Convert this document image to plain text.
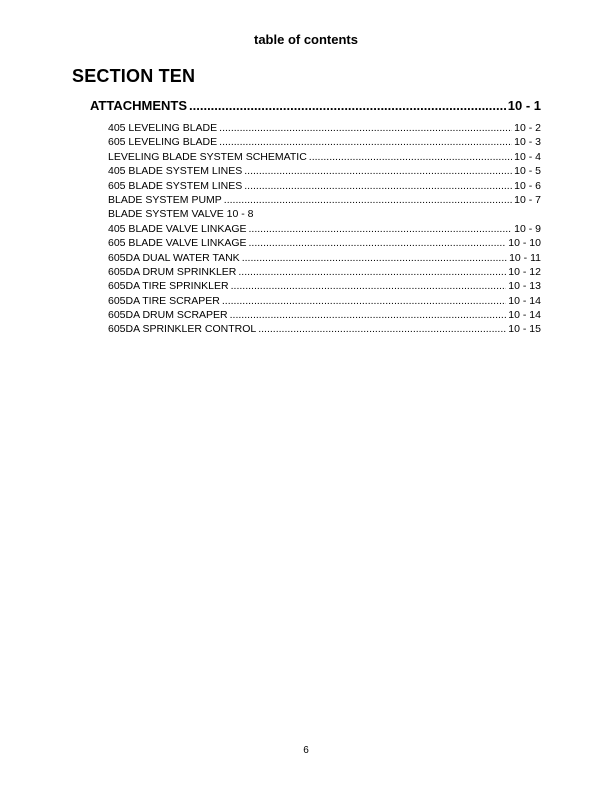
table of contents
SECTION TEN
ATTACHMENTS .....	10 - 1
405 LEVELING BLADE .....	10 - 2
605 LEVELING BLADE .....	10 - 3
LEVELING BLADE SYSTEM SCHEMATIC .....	10 - 4
405 BLADE SYSTEM LINES .....	10 - 5
605 BLADE SYSTEM LINES .....	10 - 6
BLADE SYSTEM PUMP .....	10 - 7
BLADE SYSTEM VALVE 10 - 8
405 BLADE VALVE LINKAGE .....	10 - 9
605 BLADE VALVE LINKAGE .....	10 - 10
605DA DUAL WATER TANK .....	10 - 11
605DA DRUM SPRINKLER .....	10 - 12
605DA TIRE SPRINKLER .....	10 - 13
605DA TIRE SCRAPER .....	10 - 14
605DA DRUM SCRAPER .....	10 - 14
605DA SPRINKLER CONTROL .....	10 - 15
6
